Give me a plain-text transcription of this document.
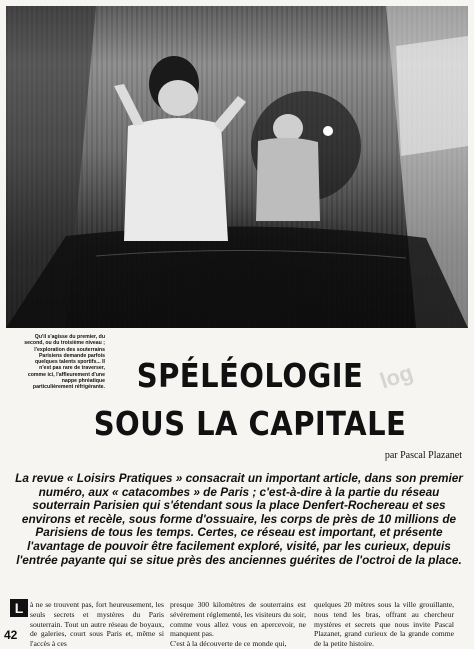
Qu'il s'agisse du premier, du second, ou du troisième niveau ; l'exploration des souterrains Parisiens demande parfois quelques talents sportifs... Il n'est pas rare de traverser, comme ici, l'affleurement d'une nappe phréatique particulièrement réfrigérante. SPÉLÉOLOGIE
SOUS LA CAPITALE
par Pascal Plazanet
La revue « Loisirs Pratiques » consacrait un important article, dans son premier numéro, aux « catacombes » de Paris ; c'est-à-dire à la partie du réseau souterrain Parisien qui s'étendant sous la place Denfert-Rochereau et ses environs et recèle, sous forme d'ossuaire, les corps de près de 10 millions de Parisiens de tous les temps. Certes, ce réseau est important, et présente l'avantage de pouvoir être facilement exploré, visité, par les curieux, depuis l'entrée payante qui se situe près des anciennes guérites de l'octroi de la place.
L à ne se trouvent pas, fort heureusement, les seuls secrets et mystères du Paris souterrain. Tout un autre réseau de boyaux, de galeries, court sous Paris et, même si l'accès à ces
presque 300 kilomètres de souterrains est sévèrement réglementé, les visiteurs du soir, comme vous allez vous en apercevoir, ne manquent pas.
C'est à la découverte de ce monde qui,
quelques 20 mètres sous la ville grouillante, nous tend les bras, offrant au chercheur mystères et secrets que nous invite Pascal Plazanet, grand curieux de la grande comme de la petite histoire.
42
log
